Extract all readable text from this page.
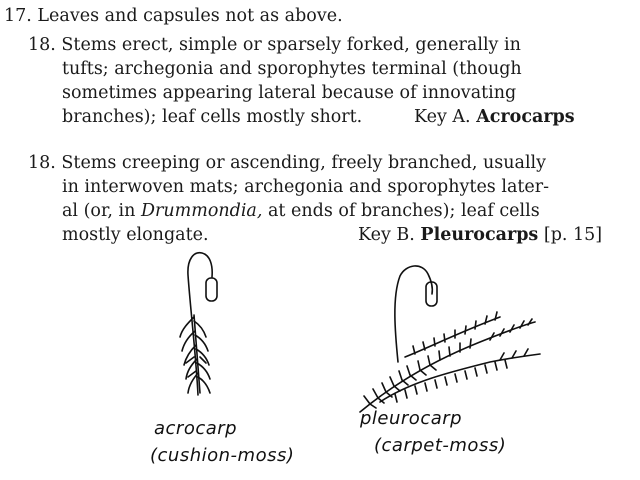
17. Leaves and capsules not as above.
18. Stems erect, simple or sparsely forked, generally in
tufts; archegonia and sporophytes terminal (though
sometimes appearing lateral because of innovating
branches); leaf cells mostly short.	Key A. Acrocarps
18. Stems creeping or ascending, freely branched, usually
in interwoven mats; archegonia and sporophytes later-
al (or, in Drummondia, at ends of branches); leaf cells
mostly elongate.	Key B. Pleurocarps [p. 15]
acrocarp
(cushion-moss)
pleurocarp
(carpet-moss)
